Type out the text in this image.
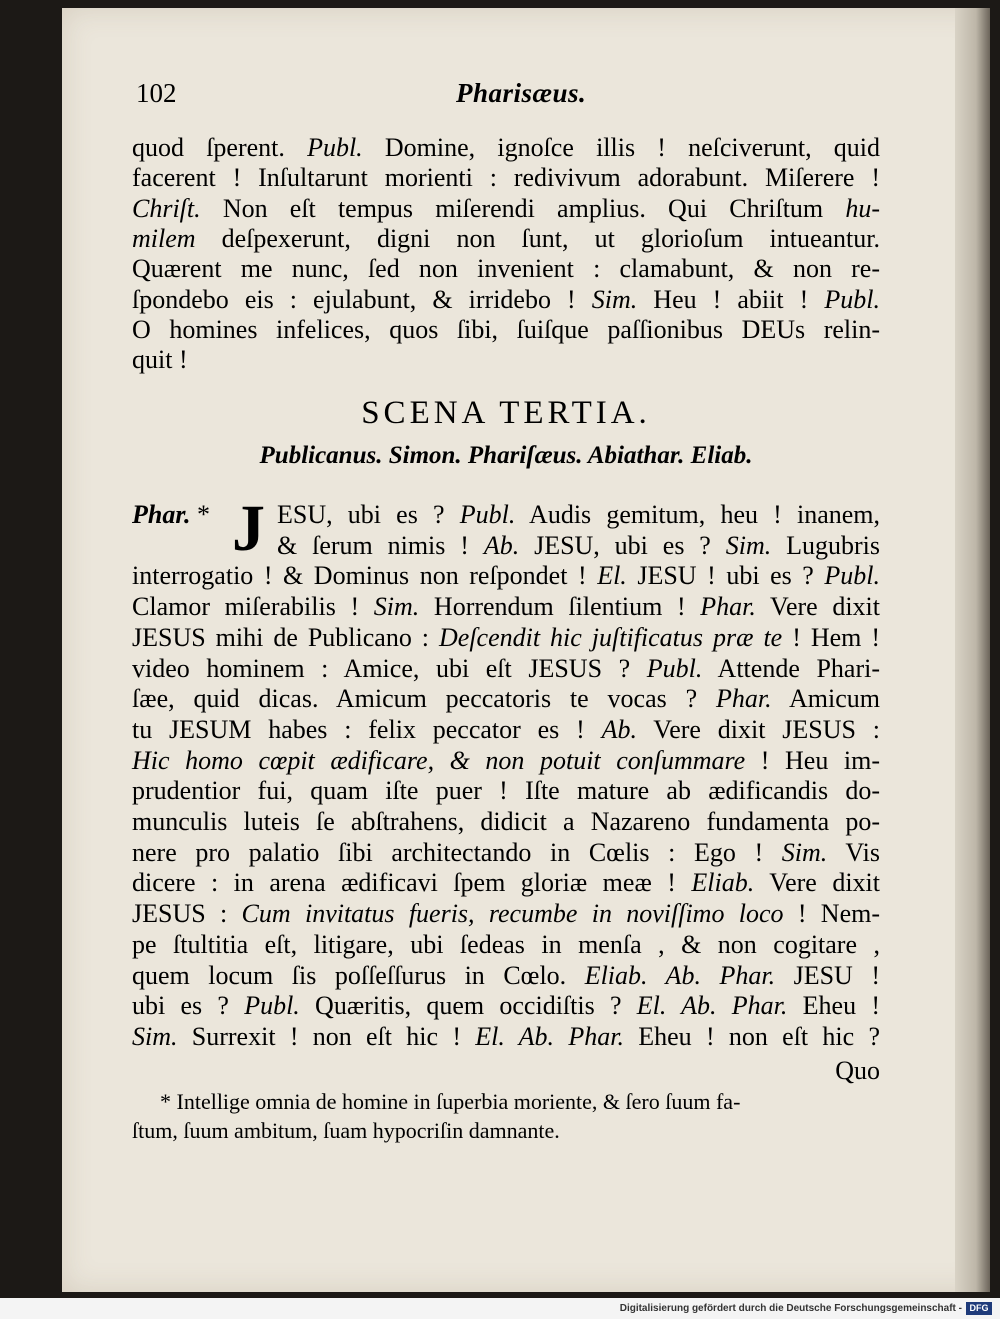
102	Pharisæus.
quod ſperent. Publ. Domine, ignoſce illis ! neſciverunt, quid
facerent ! Inſultarunt morienti : redivivum adorabunt. Miſerere !
Chriſt. Non eſt tempus miſerendi amplius. Qui Chriſtum hu-
milem deſpexerunt, digni non ſunt, ut glorioſum intueantur.
Quærent me nunc, ſed non invenient : clamabunt, & non re-
ſpondebo eis : ejulabunt, & irridebo ! Sim. Heu ! abiit ! Publ.
O homines infelices, quos ſibi, ſuiſque paſſionibus DEUs relin-
quit !
SCENA TERTIA.
Publicanus. Simon. Phariſæus. Abiathar. Eliab.
J
Phar. *	ESU, ubi es ? Publ. Audis gemitum, heu ! inanem,
& ſerum nimis ! Ab. JESU, ubi es ? Sim. Lugubris
interrogatio ! & Dominus non reſpondet ! El. JESU ! ubi es ? Publ.
Clamor miſerabilis ! Sim. Horrendum ſilentium ! Phar. Vere dixit
JESUS mihi de Publicano : Deſcendit hic juſtificatus præ te ! Hem !
video hominem : Amice, ubi eſt JESUS ? Publ. Attende Phari-
ſæe, quid dicas. Amicum peccatoris te vocas ? Phar. Amicum
tu JESUM habes : felix peccator es ! Ab. Vere dixit JESUS :
Hic homo cœpit ædificare, & non potuit conſummare ! Heu im-
prudentior fui, quam iſte puer ! Iſte mature ab ædificandis do-
munculis luteis ſe abſtrahens, didicit a Nazareno fundamenta po-
nere pro palatio ſibi architectando in Cœlis : Ego ! Sim. Vis
dicere : in arena ædificavi ſpem gloriæ meæ ! Eliab. Vere dixit
JESUS : Cum invitatus fueris, recumbe in noviſſimo loco ! Nem-
pe ſtultitia eſt, litigare, ubi ſedeas in menſa , & non cogitare ,
quem locum ſis poſſeſſurus in Cœlo. Eliab. Ab. Phar. JESU !
ubi es ? Publ. Quæritis, quem occidiſtis ? El. Ab. Phar. Eheu !
Sim. Surrexit ! non eſt hic ! El. Ab. Phar. Eheu ! non eſt hic ?
Quo
* Intellige omnia de homine in ſuperbia moriente, & ſero ſuum fa-
ſtum, ſuum ambitum, ſuam hypocriſin damnante.
Digitalisierung gefördert durch die Deutsche Forschungsgemeinschaft - DFG
